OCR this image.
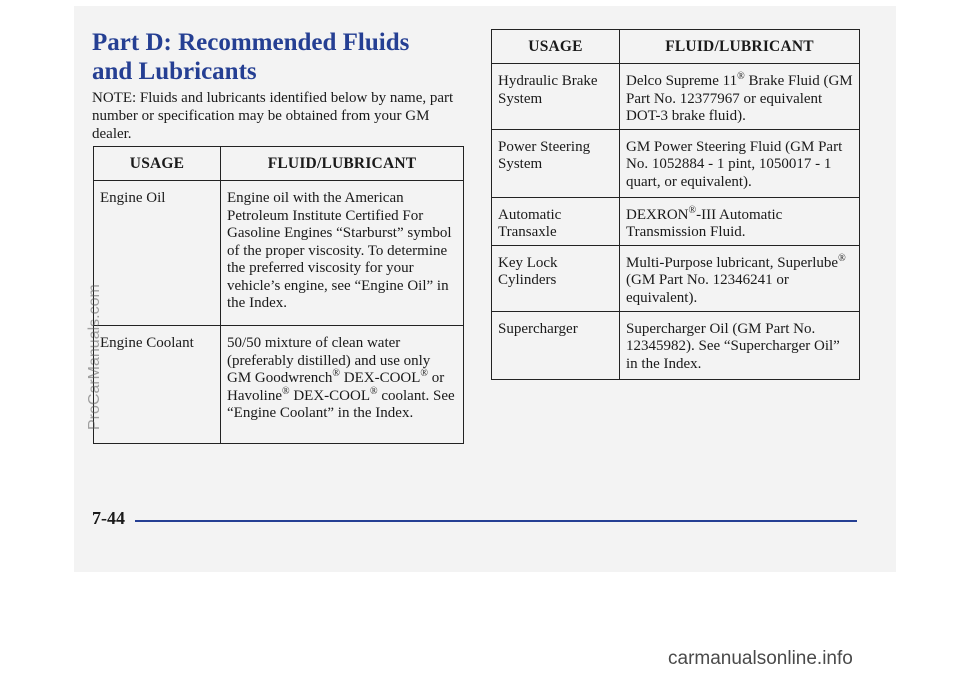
Part D: Recommended Fluids and Lubricants

NOTE: Fluids and lubricants identified below by name, part number or specification may be obtained from your GM dealer.

USAGE	FLUID/LUBRICANT
Engine Oil	Engine oil with the American Petroleum Institute Certified For Gasoline Engines “Starburst” symbol of the proper viscosity. To determine the preferred viscosity for your vehicle’s engine, see “Engine Oil” in the Index.
Engine Coolant	50/50 mixture of clean water (preferably distilled) and use only GM Goodwrench® DEX-COOL® or Havoline® DEX-COOL® coolant. See “Engine Coolant” in the Index.
USAGE	FLUID/LUBRICANT
Hydraulic Brake System	Delco Supreme 11® Brake Fluid (GM Part No. 12377967 or equivalent DOT-3 brake fluid).
Power Steering System	GM Power Steering Fluid (GM Part No. 1052884 - 1 pint, 1050017 - 1 quart, or equivalent).
Automatic Transaxle	DEXRON®-III Automatic Transmission Fluid.
Key Lock Cylinders	Multi-Purpose lubricant, Superlube® (GM Part No. 12346241 or equivalent).
Supercharger	Supercharger Oil (GM Part No. 12345982). See “Supercharger Oil” in the Index.
7-44
ProCarManuals.com
carmanualsonline.info
